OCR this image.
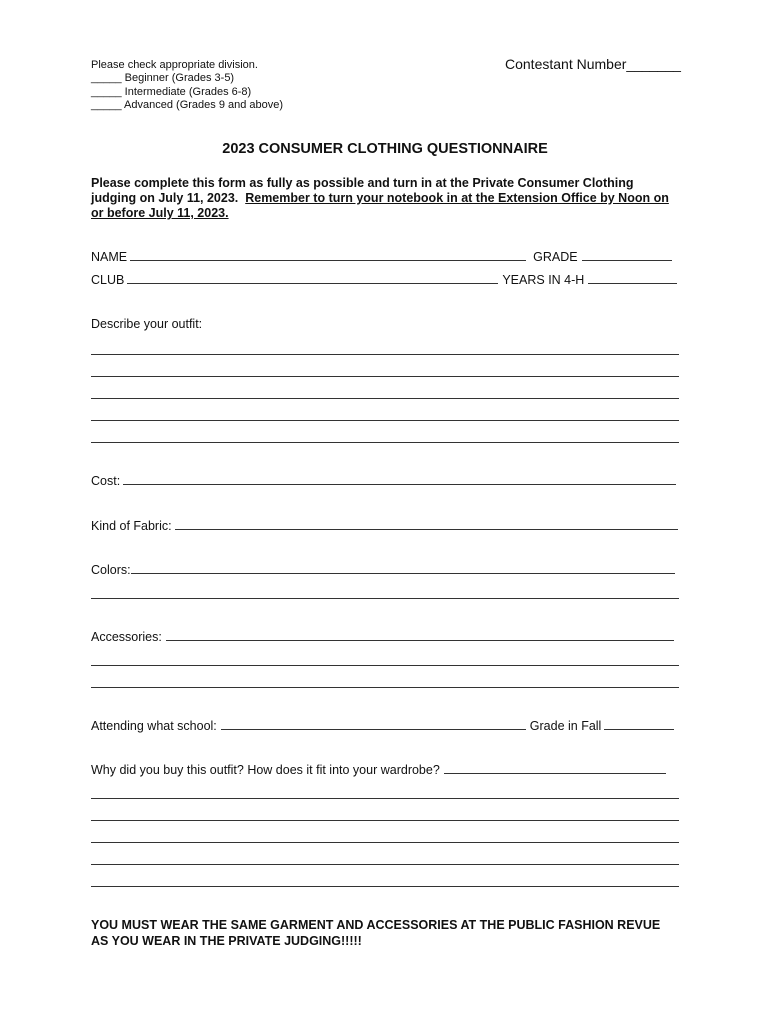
Please check appropriate division.
_____ Beginner (Grades 3-5)
_____ Intermediate (Grades 6-8)
_____ Advanced (Grades 9 and above)
Contestant Number_______
2023 CONSUMER CLOTHING QUESTIONNAIRE
Please complete this form as fully as possible and turn in at the Private Consumer Clothing
judging on July 11, 2023.  Remember to turn your notebook in at the Extension Office by Noon on
or before July 11, 2023.
NAME	GRADE
CLUB	YEARS IN 4-H
Describe your outfit:
Cost:
Kind of Fabric:
Colors:
Accessories:
Attending what school:	Grade in Fall
Why did you buy this outfit? How does it fit into your wardrobe?
YOU MUST WEAR THE SAME GARMENT AND ACCESSORIES AT THE PUBLIC FASHION REVUE
AS YOU WEAR IN THE PRIVATE JUDGING!!!!!
